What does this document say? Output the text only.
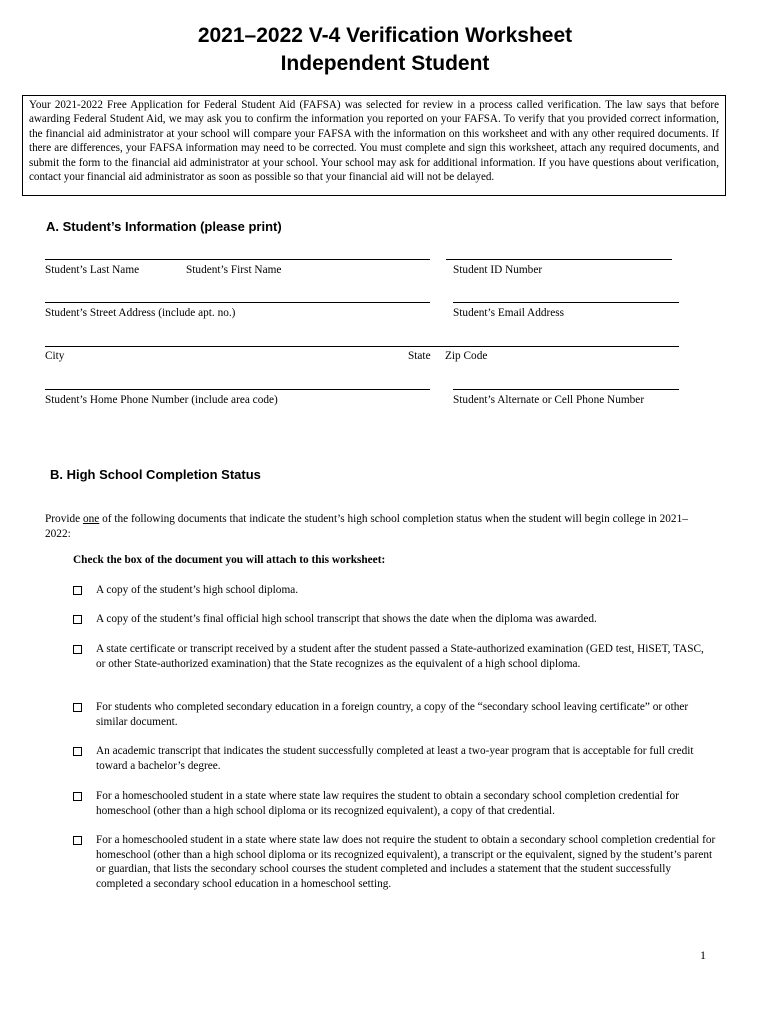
2021–2022 V-4 Verification Worksheet
Independent Student
Your 2021-2022 Free Application for Federal Student Aid (FAFSA) was selected for review in a process called verification. The law says that before awarding Federal Student Aid, we may ask you to confirm the information you reported on your FAFSA. To verify that you provided correct information, the financial aid administrator at your school will compare your FAFSA with the information on this worksheet and with any other required documents. If there are differences, your FAFSA information may need to be corrected. You must complete and sign this worksheet, attach any required documents, and submit the form to the financial aid administrator at your school. Your school may ask for additional information. If you have questions about verification, contact your financial aid administrator as soon as possible so that your financial aid will not be delayed.
A. Student’s Information (please print)
Student’s Last Name	Student’s First Name	Student ID Number
Student’s Street Address (include apt. no.)	Student’s Email Address
City	State Zip Code
Student’s Home Phone Number (include area code)	Student’s Alternate or Cell Phone Number
B. High School Completion Status
Provide one of the following documents that indicate the student’s high school completion status when the student will begin college in 2021–2022:
Check the box of the document you will attach to this worksheet:
A copy of the student’s high school diploma.
A copy of the student’s final official high school transcript that shows the date when the diploma was awarded.
A state certificate or transcript received by a student after the student passed a State-authorized examination (GED test, HiSET, TASC, or other State-authorized examination) that the State recognizes as the equivalent of a high school diploma.
For students who completed secondary education in a foreign country, a copy of the “secondary school leaving certificate” or other similar document.
An academic transcript that indicates the student successfully completed at least a two-year program that is acceptable for full credit toward a bachelor’s degree.
For a homeschooled student in a state where state law requires the student to obtain a secondary school completion credential for homeschool (other than a high school diploma or its recognized equivalent), a copy of that credential.
For a homeschooled student in a state where state law does not require the student to obtain a secondary school completion credential for homeschool (other than a high school diploma or its recognized equivalent), a transcript or the equivalent, signed by the student’s parent or guardian, that lists the secondary school courses the student completed and includes a statement that the student successfully completed a secondary school education in a homeschool setting.
1
